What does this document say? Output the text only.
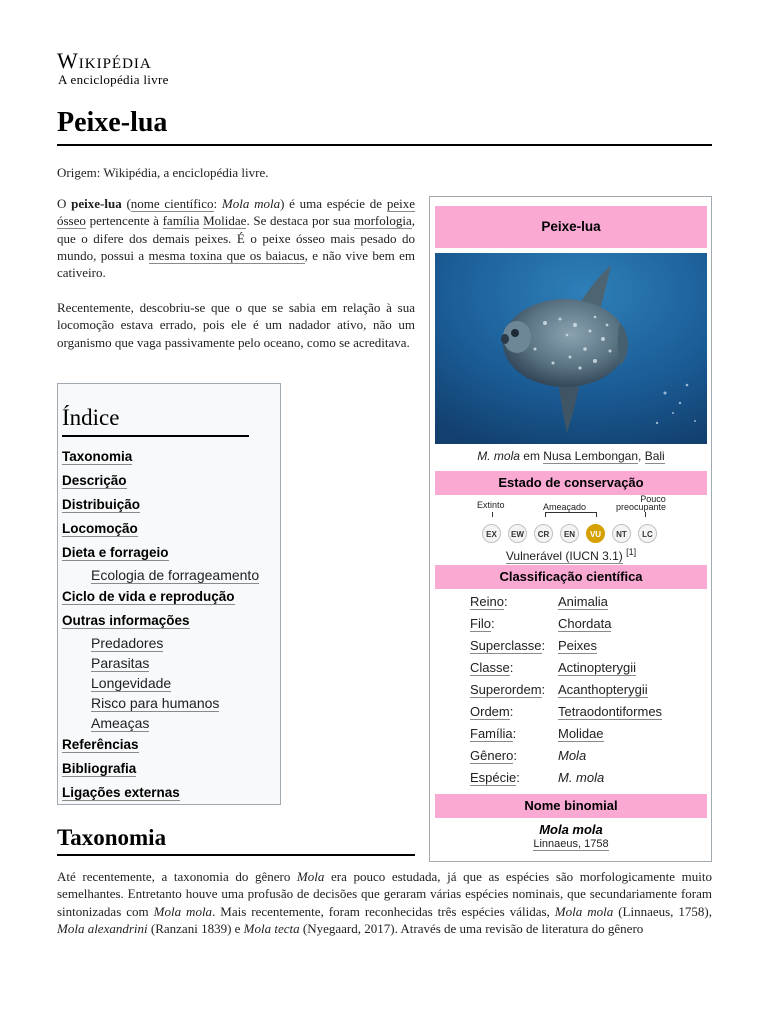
Wikipédia
A enciclopédia livre
Peixe-lua
Origem: Wikipédia, a enciclopédia livre.

O peixe-lua (nome científico: Mola mola) é uma espécie de peixe ósseo pertencente à família Molidae. Se destaca por sua morfologia, que o difere dos demais peixes. É o peixe ósseo mais pesado do mundo, possui a mesma toxina que os baiacus, e não vive bem em cativeiro.

Recentemente, descobriu-se que o que se sabia em relação à sua locomoção estava errado, pois ele é um nadador ativo, não um organismo que vaga passivamente pelo oceano, como se acreditava.

Índice
Taxonomia
Descrição
Distribuição
Locomoção
Dieta e forrageio
Ecologia de forrageamento
Ciclo de vida e reprodução
Outras informações
Predadores
Parasitas
Longevidade
Risco para humanos
Ameaças
Referências
Bibliografia
Ligações externas
Taxonomia

Até recentemente, a taxonomia do gênero Mola era pouco estudada, já que as espécies são morfologicamente muito semelhantes. Entretanto houve uma profusão de decisões que geraram várias espécies nominais, que secundariamente foram sintonizadas com Mola mola. Mais recentemente, foram reconhecidas três espécies válidas, Mola mola (Linnaeus, 1758), Mola alexandrini (Ranzani 1839) e Mola tecta (Nyegaard, 2017). Através de uma revisão de literatura do gênero

Peixe-lua
M. mola em Nusa Lembongan, Bali
Estado de conservação
Extinto	Ameaçado
Pouco
preocupante
EX	EW	CR	EN	VU	NT	LC
Vulnerável (IUCN 3.1) [1]
Classificação científica
Reino:	Animalia
Filo:	Chordata
Superclasse: Peixes
Classe:	Actinopterygii
Superordem: Acanthopterygii
Ordem:	Tetraodontiformes
Família:	Molidae
Gênero:	Mola
Espécie:	M. mola
Nome binomial
Mola mola
Linnaeus, 1758
